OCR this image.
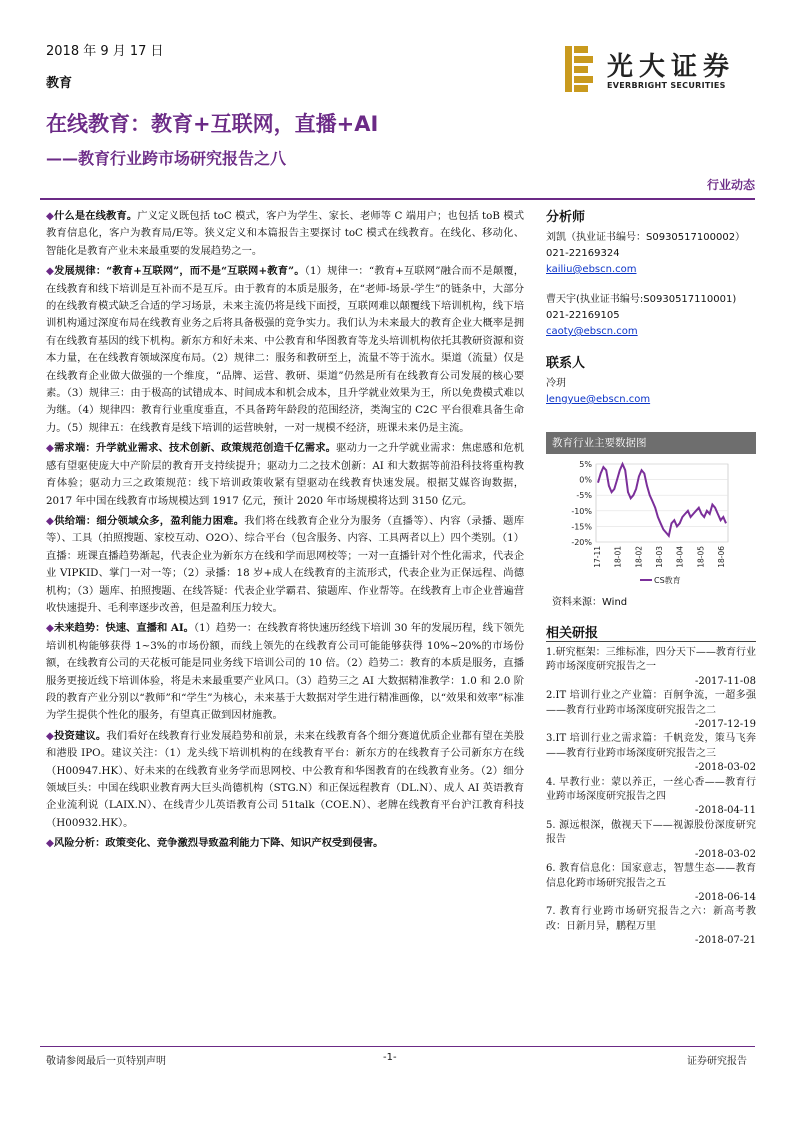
2018 年 9 月 17 日
教育
光大证券
EVERBRIGHT SECURITIES
在线教育：教育+互联网，直播+AI
——教育行业跨市场研究报告之八
行业动态

◆什么是在线教育。广义定义既包括 toC 模式，客户为学生、家长、老师等 C 端用户；也包括 toB 模式教育信息化，客户为教育局/E等。狭义定义和本篇报告主要探讨 toC 模式在线教育。在线化、移动化、智能化是教育产业未来最重要的发展趋势之一。

◆发展规律：“教育+互联网”，而不是“互联网+教育”。（1）规律一：“教育+互联网”融合而不是颠覆，在线教育和线下培训是互补而不是互斥。由于教育的本质是服务，在“老师-场景-学生”的链条中，大部分的在线教育模式缺乏合适的学习场景，未来主流仍将是线下面授，互联网难以颠覆线下培训机构，线下培训机构通过深度布局在线教育业务之后将具备极强的竞争实力。我们认为未来最大的教育企业大概率是拥有在线教育基因的线下机构。新东方和好未来、中公教育和华图教育等龙头培训机构依托其教研资源和资本力量，在在线教育领域深度布局。（2）规律二：服务和教研至上，流量不等于流水。渠道（流量）仅是在线教育企业做大做强的一个维度，“品牌、运营、教研、渠道”仍然是所有在线教育公司发展的核心要素。（3）规律三：由于极高的试错成本、时间成本和机会成本，且升学就业效果为王，所以免费模式难以为继。（4）规律四：教育行业重度垂直，不具备跨年龄段的范围经济，类淘宝的 C2C 平台很难具备生命力。（5）规律五：在线教育是线下培训的运营映射，一对一规模不经济，班课未来仍是主流。

◆需求端：升学就业需求、技术创新、政策规范创造千亿需求。驱动力一之升学就业需求：焦虑感和危机感有望驱使庞大中产阶层的教育开支持续提升；驱动力二之技术创新：AI 和大数据等前沿科技将重构教育体验；驱动力三之政策规范：线下培训政策收紧有望驱动在线教育快速发展。根据艾媒咨询数据，2017 年中国在线教育市场规模达到 1917 亿元，预计 2020 年市场规模将达到 3150 亿元。

◆供给端：细分领域众多，盈利能力困难。我们将在线教育企业分为服务（直播等）、内容（录播、题库等）、工具（拍照搜题、家校互动、O2O）、综合平台（包含服务、内容、工具两者以上）四个类别。（1）直播：班课直播趋势渐起，代表企业为新东方在线和学而思网校等；一对一直播针对个性化需求，代表企业 VIPKID、掌门一对一等；（2）录播：18 岁+成人在线教育的主流形式，代表企业为正保远程、尚德机构；（3）题库、拍照搜题、在线答疑：代表企业学霸君、猿题库、作业帮等。在线教育上市企业普遍营收快速提升、毛利率逐步改善，但是盈利压力较大。

◆未来趋势：快速、直播和 AI。（1）趋势一：在线教育将快速历经线下培训 30 年的发展历程，线下领先培训机构能够获得 1~3%的市场份额，而线上领先的在线教育公司可能能够获得 10%~20%的市场份额，在线教育公司的天花板可能是同业务线下培训公司的 10 倍。（2）趋势二：教育的本质是服务，直播服务更接近线下培训体验，将是未来最重要产业风口。（3）趋势三之 AI 大数据精准教学：1.0 和 2.0 阶段的教育产业分别以“教师”和“学生”为核心，未来基于大数据对学生进行精准画像，以“效果和效率”标准为学生提供个性化的服务，有望真正做到因材施教。

◆投资建议。我们看好在线教育行业发展趋势和前景，未来在线教育各个细分赛道优质企业都有望在美股和港股 IPO。建议关注：（1）龙头线下培训机构的在线教育平台：新东方的在线教育子公司新东方在线（H00947.HK）、好未来的在线教育业务学而思网校、中公教育和华图教育的在线教育业务。（2）细分领域巨头：中国在线职业教育两大巨头尚德机构（STG.N）和正保远程教育（DL.N）、成人 AI 英语教育企业流利说（LAIX.N）、在线青少儿英语教育公司 51talk（COE.N）、老牌在线教育平台沪江教育科技（H00932.HK）。

◆风险分析：政策变化、竞争激烈导致盈利能力下降、知识产权受到侵害。

分析师
刘凯（执业证书编号：S0930517100002）
021-22169324
kailiu@ebscn.com
曹天宇(执业证书编号:S0930517110001)
021-22169105
caoty@ebscn.com
联系人
冷玥
lengyue@ebscn.com
教育行业主要数据图
5%
0%
-5%
-10%
-15%
-20%
17-11 18-01 18-02 18-03 18-04 18-05 18-06
CS教育
资料来源：Wind
相关研报
1.研究框架：三维标准，四分天下——教育行业跨市场深度研究报告之一
-2017-11-08
2.IT 培训行业之产业篇：百舸争流，一超多强——教育行业跨市场深度研究报告之二
-2017-12-19
3.IT 培训行业之需求篇：千帆竞发，策马飞奔——教育行业跨市场深度研究报告之三
-2018-03-02
4. 早教行业：蒙以养正，一丝心香——教育行业跨市场深度研究报告之四
-2018-04-11
5. 源远根深，傲视天下——视源股份深度研究报告
-2018-03-02
6. 教育信息化：国家意志，智慧生态——教育信息化跨市场研究报告之五
-2018-06-14
7. 教育行业跨市场研究报告之六：新高考教改：日新月异，鹏程万里
-2018-07-21
敬请参阅最后一页特别声明	-1-	证券研究报告
